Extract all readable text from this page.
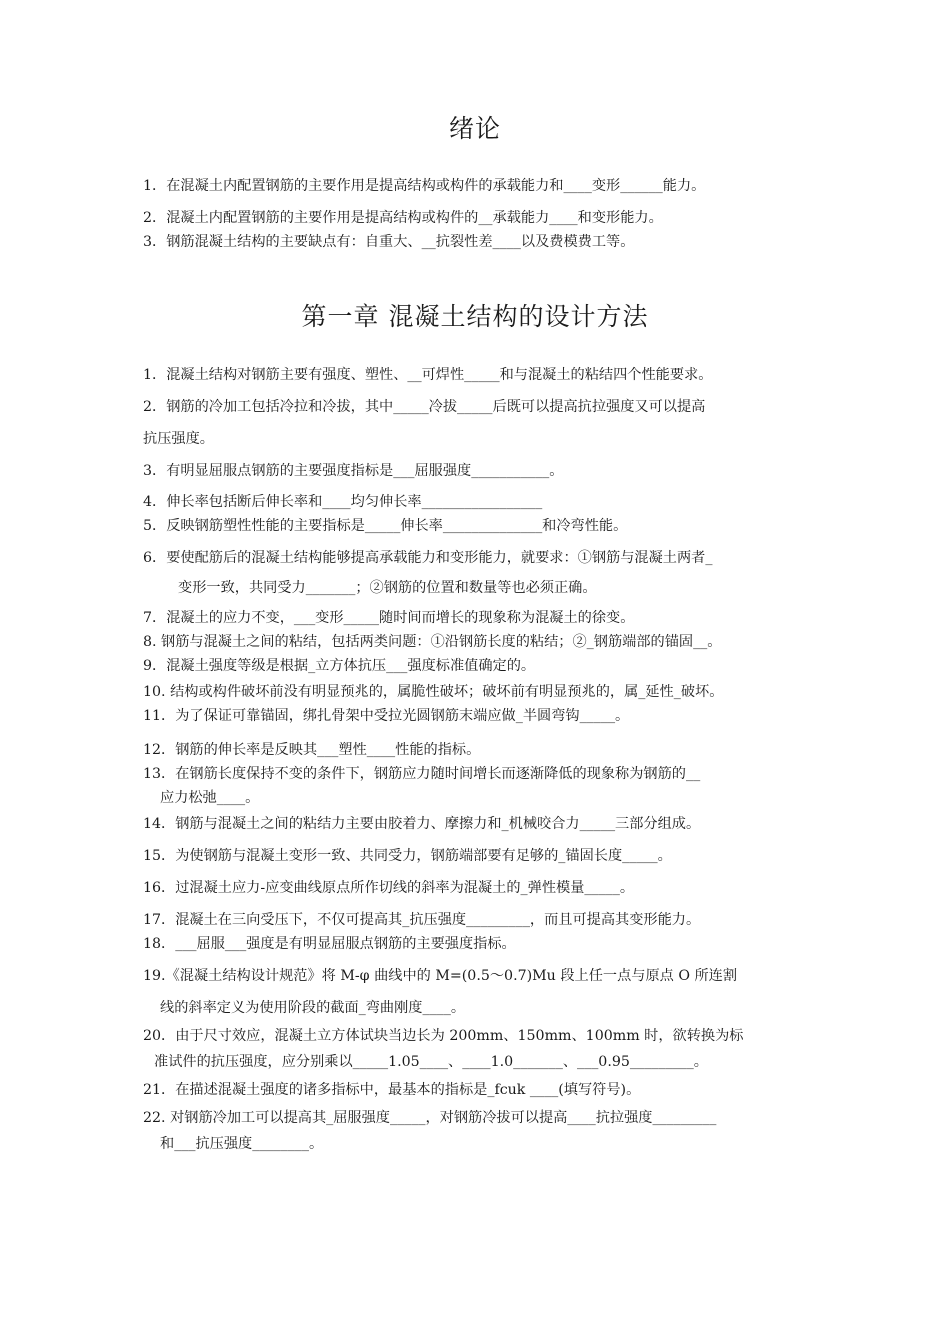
绪论

1．在混凝土内配置钢筋的主要作用是提高结构或构件的承载能力和____变形______能力。

2．混凝土内配置钢筋的主要作用是提高结构或构件的__承载能力____和变形能力。

3．钢筋混凝土结构的主要缺点有：自重大、__抗裂性差____以及费模费工等。

第一章 混凝土结构的设计方法

1．混凝土结构对钢筋主要有强度、塑性、__可焊性_____和与混凝土的粘结四个性能要求。

2．钢筋的冷加工包括冷拉和冷拔，其中_____冷拔_____后既可以提高抗拉强度又可以提高

抗压强度。

3．有明显屈服点钢筋的主要强度指标是___屈服强度___________。

4．伸长率包括断后伸长率和____均匀伸长率_________________

5．反映钢筋塑性性能的主要指标是_____伸长率______________和冷弯性能。

6．要使配筋后的混凝土结构能够提高承载能力和变形能力，就要求：①钢筋与混凝土两者_

变形一致，共同受力_______；②钢筋的位置和数量等也必须正确。

7．混凝土的应力不变，___变形_____随时间而增长的现象称为混凝土的徐变。

8. 钢筋与混凝土之间的粘结，包括两类问题：①沿钢筋长度的粘结；②_钢筋端部的锚固__。

9．混凝土强度等级是根据_立方体抗压___强度标准值确定的。

10. 结构或构件破坏前没有明显预兆的，属脆性破坏；破坏前有明显预兆的，属_延性_破坏。

11．为了保证可靠锚固，绑扎骨架中受拉光圆钢筋末端应做_半圆弯钩_____。

12．钢筋的伸长率是反映其___塑性____性能的指标。

13．在钢筋长度保持不变的条件下，钢筋应力随时间增长而逐渐降低的现象称为钢筋的__

应力松弛____。

14．钢筋与混凝土之间的粘结力主要由胶着力、摩擦力和_机械咬合力_____三部分组成。

15．为使钢筋与混凝土变形一致、共同受力，钢筋端部要有足够的_锚固长度_____。

16．过混凝土应力-应变曲线原点所作切线的斜率为混凝土的_弹性模量_____。

17．混凝土在三向受压下，不仅可提高其_抗压强度_________，而且可提高其变形能力。

18．___屈服___强度是有明显屈服点钢筋的主要强度指标。

19.《混凝土结构设计规范》将 M-φ 曲线中的 M=(0.5～0.7)Mu 段上任一点与原点 O 所连割

线的斜率定义为使用阶段的截面_弯曲刚度____。

20．由于尺寸效应，混凝土立方体试块当边长为 200mm、150mm、100mm 时，欲转换为标

准试件的抗压强度，应分别乘以_____1.05____、____1.0_______、___0.95_________。

21．在描述混凝土强度的诸多指标中，最基本的指标是_fcuk ____(填写符号)。

22. 对钢筋冷加工可以提高其_屈服强度_____，对钢筋冷拔可以提高____抗拉强度_________

和___抗压强度________。
